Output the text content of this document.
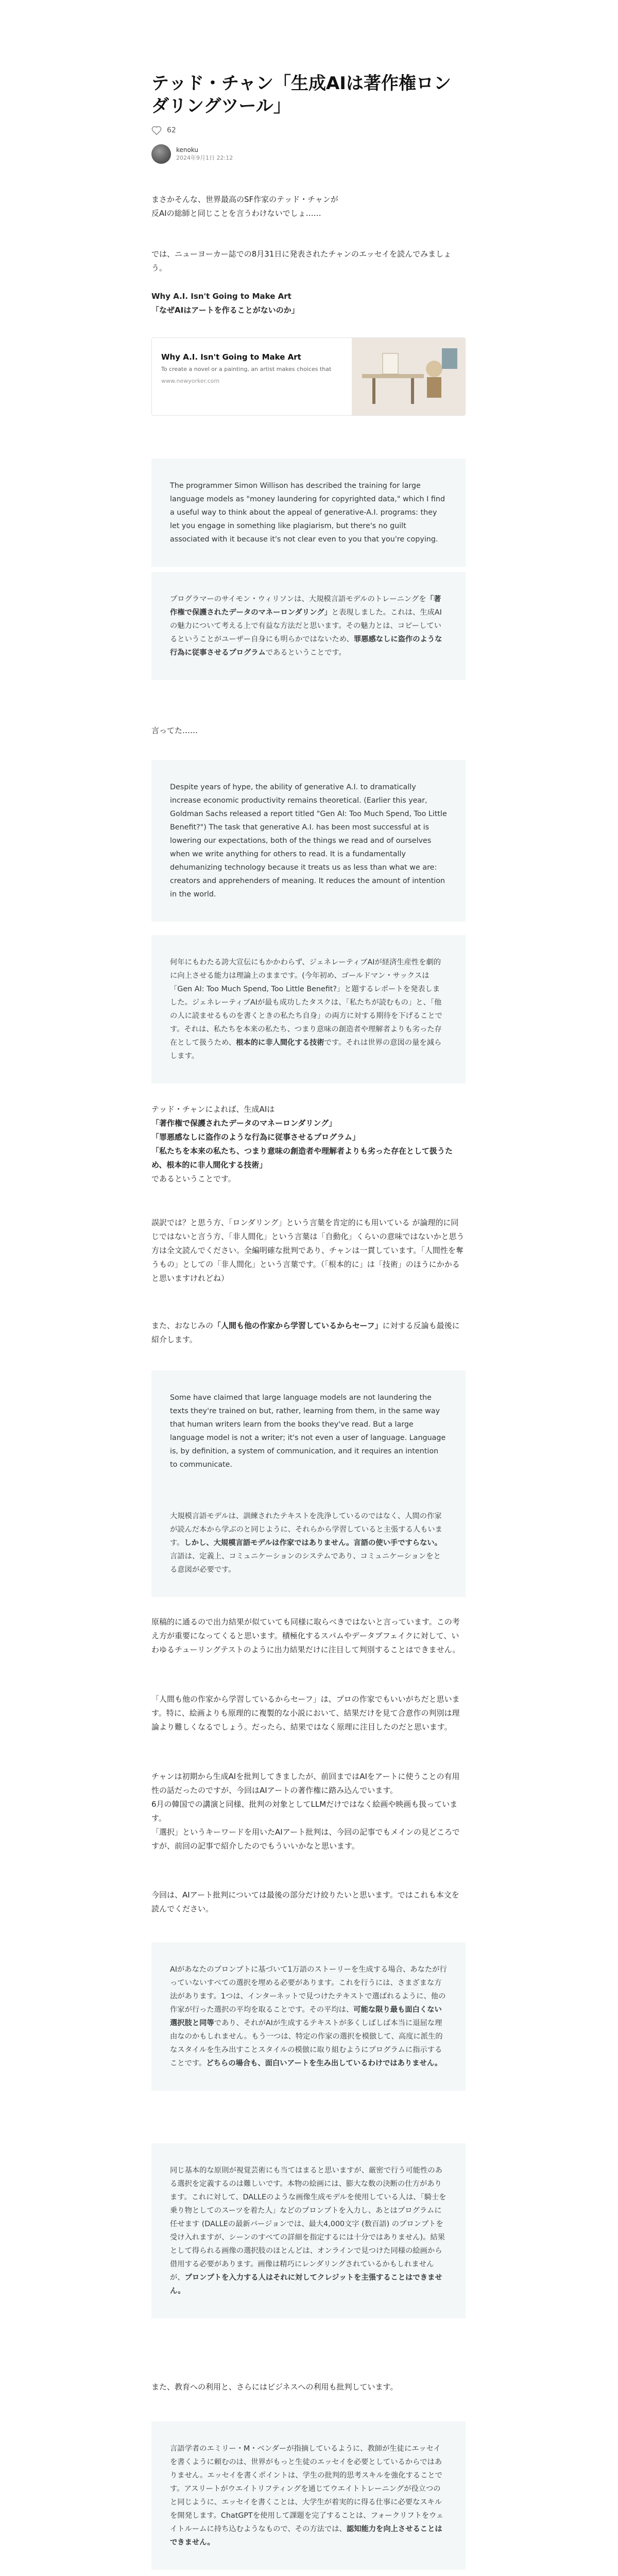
テッド・チャン「生成AIは著作権ロンダリングツール」
62
kenoku
2024年9月1日 22:12
まさかそんな、世界最高のSF作家のテッド・チャンが
反AIの総師と同じことを言うわけないでしょ……
では、ニューヨーカー誌での8月31日に発表されたチャンのエッセイを読んでみましょう。
Why A.I. Isn't Going to Make Art
「なぜAIはアートを作ることがないのか」
Why A.I. Isn't Going to Make Art
To create a novel or a painting, an artist makes choices that
www.newyorker.com
The programmer Simon Willison has described the training for large language models as "money laundering for copyrighted data," which I find a useful way to think about the appeal of generative-A.I. programs: they let you engage in something like plagiarism, but there's no guilt associated with it because it's not clear even to you that you're copying.
プログラマーのサイモン・ウィリソンは、大規模言語モデルのトレーニングを「著作権で保護されたデータのマネーロンダリング」と表現しました。これは、生成AIの魅力について考える上で有益な方法だと思います。その魅力とは、コピーしているということがユーザー自身にも明らかではないため、罪悪感なしに盗作のような行為に従事させるプログラムであるということです。
言ってた……
Despite years of hype, the ability of generative A.I. to dramatically increase economic productivity remains theoretical. (Earlier this year, Goldman Sachs released a report titled "Gen AI: Too Much Spend, Too Little Benefit?") The task that generative A.I. has been most successful at is lowering our expectations, both of the things we read and of ourselves when we write anything for others to read. It is a fundamentally dehumanizing technology because it treats us as less than what we are: creators and apprehenders of meaning. It reduces the amount of intention in the world.
何年にもわたる誇大宣伝にもかかわらず、ジェネレーティブAIが経済生産性を劇的に向上させる能力は理論上のままです。(今年初め、ゴールドマン・サックスは「Gen AI: Too Much Spend, Too Little Benefit?」と題するレポートを発表しました。ジェネレーティブAIが最も成功したタスクは、「私たちが読むもの」と、「他の人に読ませるものを書くときの私たち自身」の両方に対する期待を下げることです。それは、私たちを本来の私たち、つまり意味の創造者や理解者よりも劣った存在として扱うため、根本的に非人間化する技術です。それは世界の意図の量を減らします。
テッド・チャンによれば、生成AIは
「著作権で保護されたデータのマネーロンダリング」
「罪悪感なしに盗作のような行為に従事させるプログラム」
「私たちを本来の私たち、つまり意味の創造者や理解者よりも劣った存在として扱うため、根本的に非人間化する技術」
であるということです。
誤訳では？と思う方、「ロンダリング」という言葉を肯定的にも用いている が論理的に同じではないと言う方、「非人間化」という言葉は「自動化」くらいの意味ではないかと思う方は全文読んでください。全編明確な批判であり、チャンは一貫しています。「人間性を奪うもの」としての「非人間化」という言葉です。（「根本的に」は「技術」のほうにかかると思いますけれどね）
また、おなじみの「人間も他の作家から学習しているからセーフ」に対する反論も最後に紹介します。
Some have claimed that large language models are not laundering the texts they're trained on but, rather, learning from them, in the same way that human writers learn from the books they've read. But a large language model is not a writer; it's not even a user of language. Language is, by definition, a system of communication, and it requires an intention to communicate.
大規模言語モデルは、訓練されたテキストを洗浄しているのではなく、人間の作家が読んだ本から学ぶのと同じように、それらから学習していると主張する人もいます。しかし、大規模言語モデルは作家ではありません。言語の使い手ですらない。言語は、定義上、コミュニケーションのシステムであり、コミュニケーションをとる意図が必要です。
原稿的に通るので出力結果が似ていても同様に取らべきではないと言っています。この考え方が重要になってくると思います。積極化するスパムやデータブフェイクに対して、いわゆるチューリングテストのように出力結果だけに注目して判別することはできません。
「人間も他の作家から学習しているからセーフ」は、プロの作家でもいいがちだと思います。特に、絵画よりも原理的に複製的な小説において、結果だけを見て合意作の判別は理論より難しくなるでしょう。だったら、結果ではなく原理に注目したのだと思います。
チャンは初期から生成AIを批判してきましたが、前回まではAIをアートに使うことの有用性の話だったのですが、今回はAIアートの著作権に踏み込んでいます。
6月の韓国での講演と同様、批判の対象としてLLMだけではなく絵画や映画も扱っています。
「選択」というキーワードを用いたAIアート批判は、今回の記事でもメインの見どころですが、前回の記事で紹介したのでもういいかなと思います。
今回は、AIアート批判については最後の部分だけ絞りたいと思います。ではこれも本文を読んでください。
AIがあなたのプロンプトに基づいて1万語のストーリーを生成する場合、あなたが行っていないすべての選択を埋める必要があります。これを行うには、さまざまな方法があります。1つは、インターネットで見つけたテキストで選ばれるように、他の作家が行った選択の平均を取ることです。その平均は、可能な限り最も面白くない選択肢と同等であり、それがAIが生成するテキストが多くしばしば本当に退屈な理由なのかもしれません。もう一つは、特定の作家の選択を模倣して、高度に派生的なスタイルを生み出すことスタイルの模倣に取り組むようにプログラムに指示することです。どちらの場合も、面白いアートを生み出しているわけではありません。
同じ基本的な原則が視覚芸術にも当てはまると思いますが、厳密で行う可能性のある選択を定義するのは難しいです。本物の絵画には、膨大な数の決断の仕方があります。これに対して、DALLEのような画像生成モデルを使用している人は、「騎士を乗り物としてのスーツを着た人」などのプロンプトを入力し、あとはプログラムに任せます (DALLEの最新バージョンでは、最大4,000文字 (数百語) のプロンプトを受け入れますが、シーンのすべての詳細を指定するには十分ではありません)。結果として得られる画像の選択肢のほとんどは、オンラインで見つけた同様の絵画から借用する必要があります。画像は精巧にレンダリングされているかもしれませんが、プロンプトを入力する人はそれに対してクレジットを主張することはできません。
また、教育への利用と、さらにはビジネスへの利用も批判しています。
言語学者のエミリー・M・ベンダーが指摘しているように、教師が生徒にエッセイを書くように頼むのは、世界がもっと生徒のエッセイを必要としているからではありません。エッセイを書くポイントは、学生の批判的思考スキルを強化することです。アスリートがウエイトリフティングを通じてウエイトトレーニングが役立つのと同じように、エッセイを書くことは、大学生が着実的に得る仕事に必要なスキルを開発します。ChatGPTを使用して課題を完了することは、フォークリフトをウェイトルームに持ち込むようなもので、その方法では、認知能力を向上させることはできません。
